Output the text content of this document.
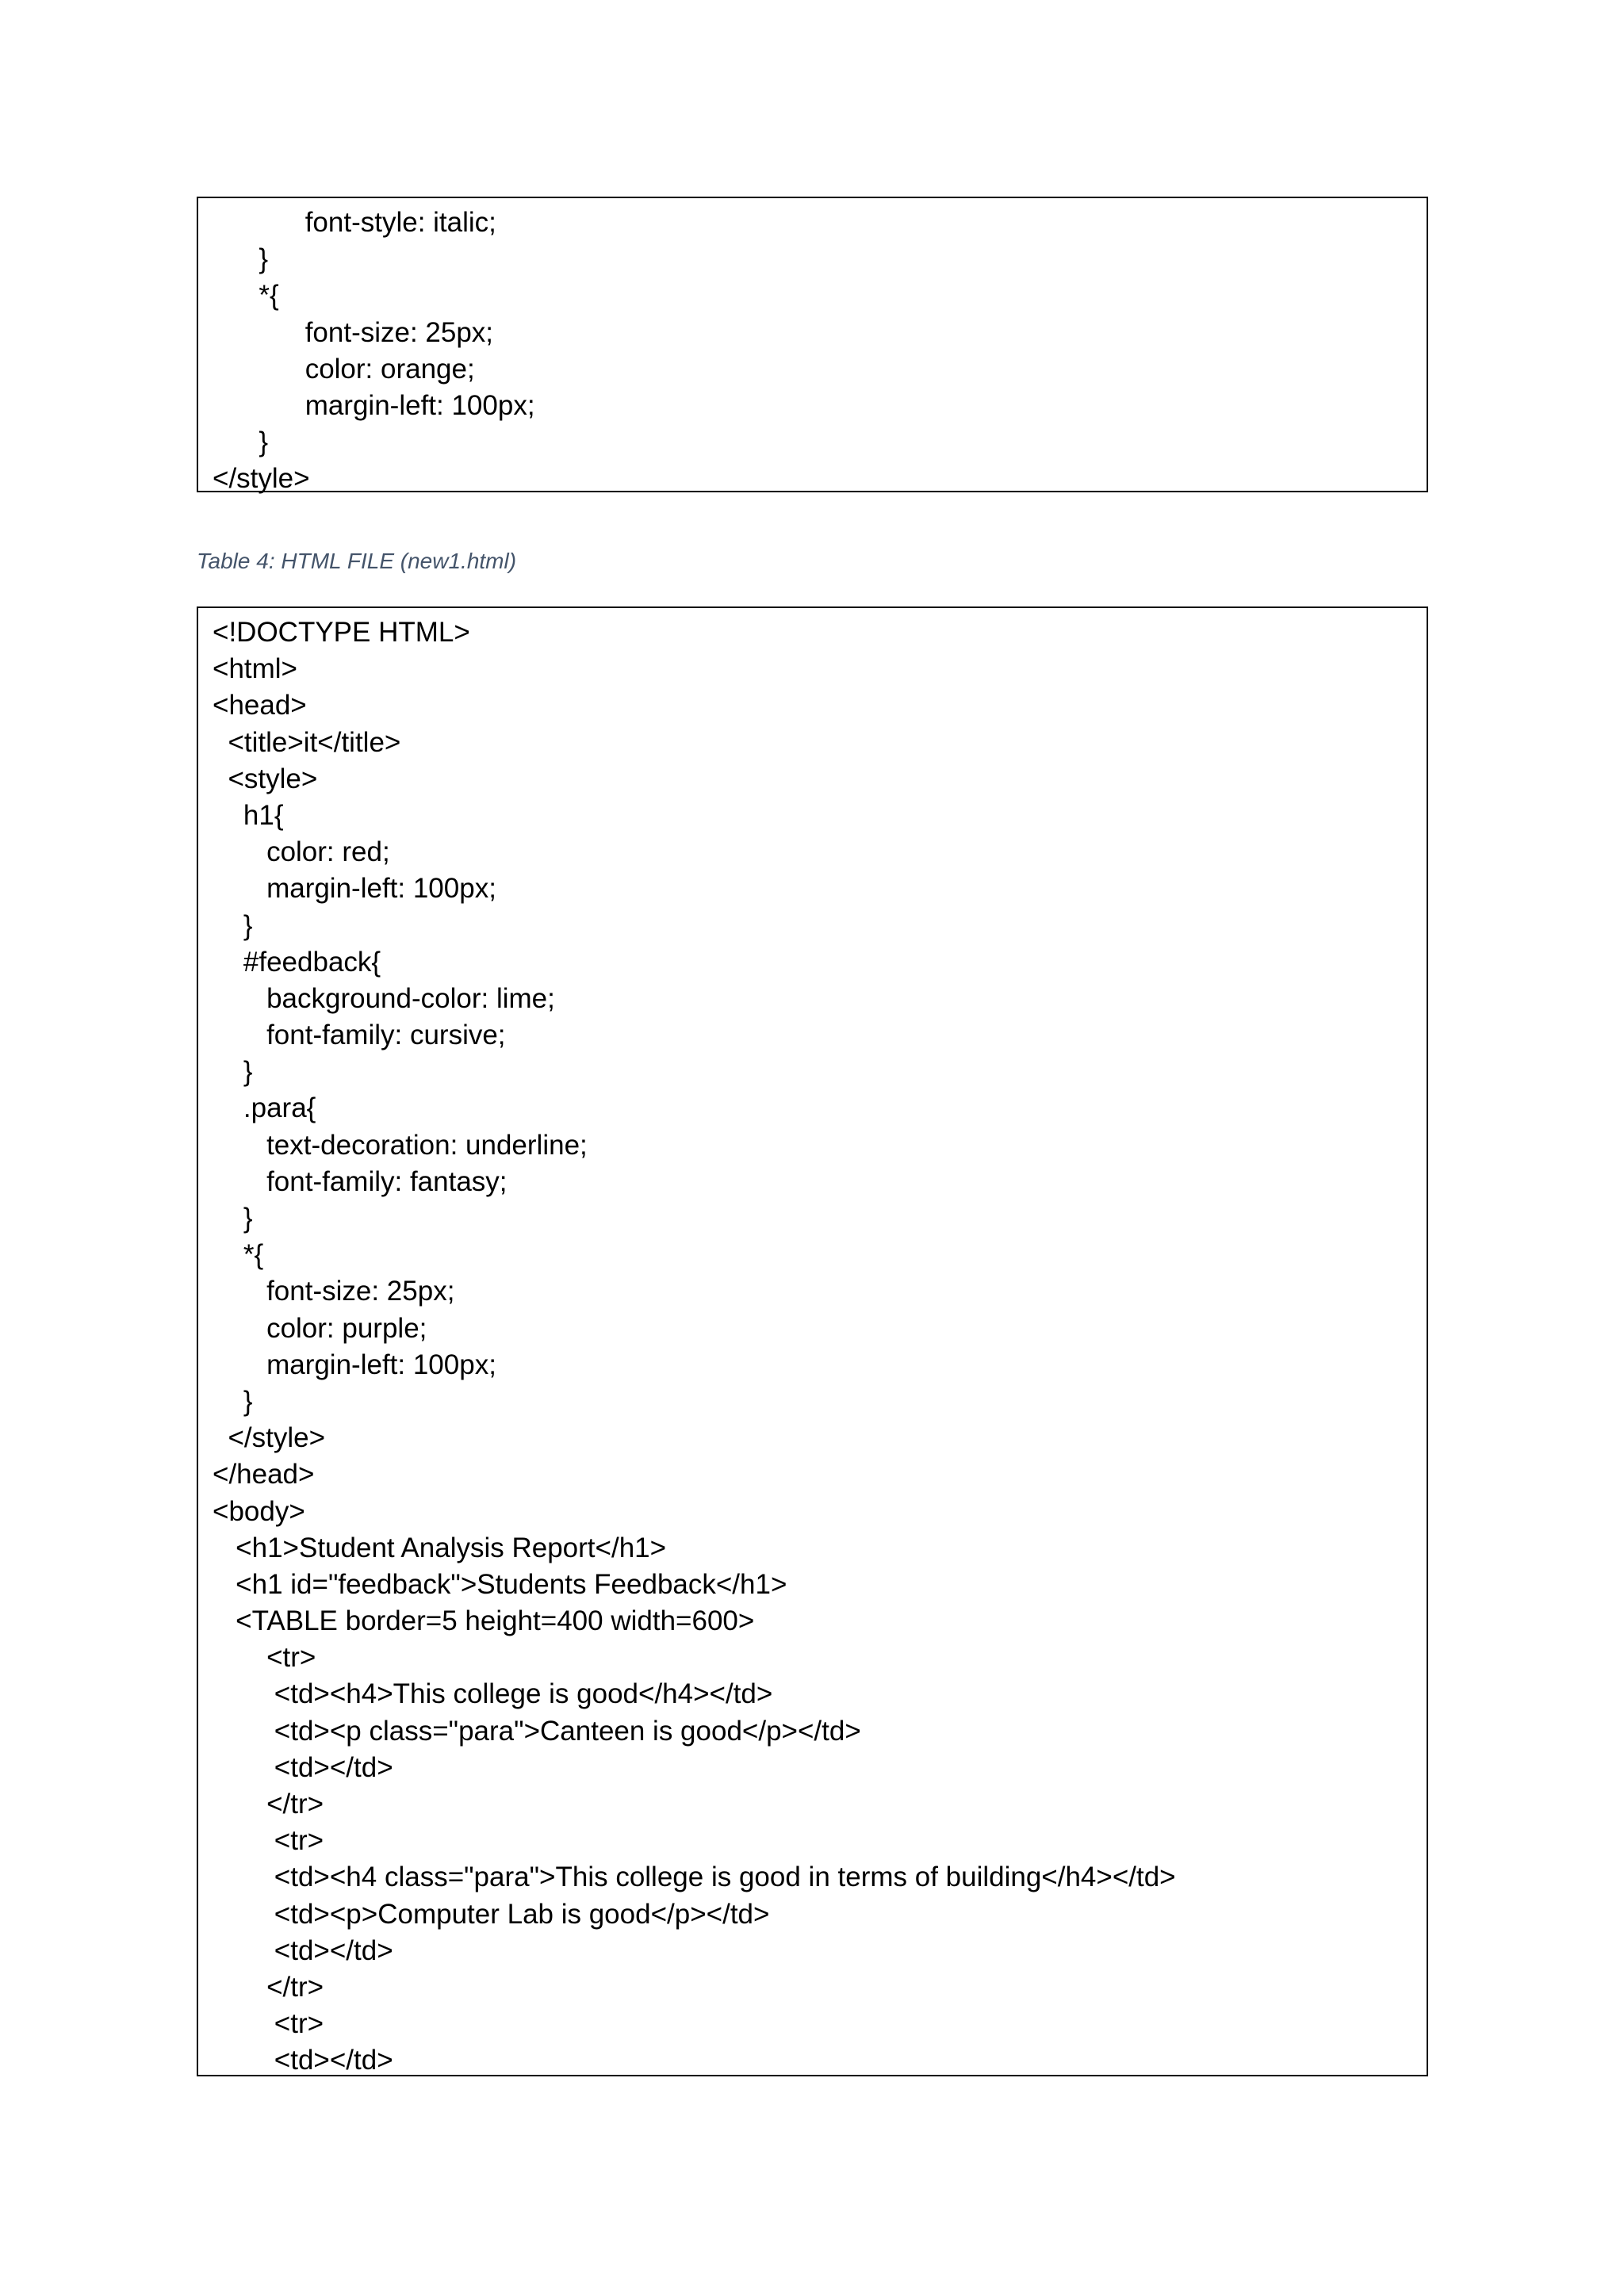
font-style: italic;
}
*{
font-size: 25px;
color: orange;
margin-left: 100px;
}
</style>
Table 4: HTML FILE (new1.html)
<!DOCTYPE HTML>
<html>
<head>
<title>it</title>
<style>
h1{
color: red;
margin-left: 100px;
}
#feedback{
background-color: lime;
font-family: cursive;
}
.para{
text-decoration: underline;
font-family: fantasy;
}
*{
font-size: 25px;
color: purple;
margin-left: 100px;
}
</style>
</head>
<body>
<h1>Student Analysis Report</h1>
<h1 id="feedback">Students Feedback</h1>
<TABLE border=5 height=400 width=600>
<tr>
<td><h4>This college is good</h4></td>
<td><p class="para">Canteen is good</p></td>
<td></td>
</tr>
<tr>
<td><h4 class="para">This college is good in terms of building</h4></td>
<td><p>Computer Lab is good</p></td>
<td></td>
</tr>
<tr>
<td></td>
